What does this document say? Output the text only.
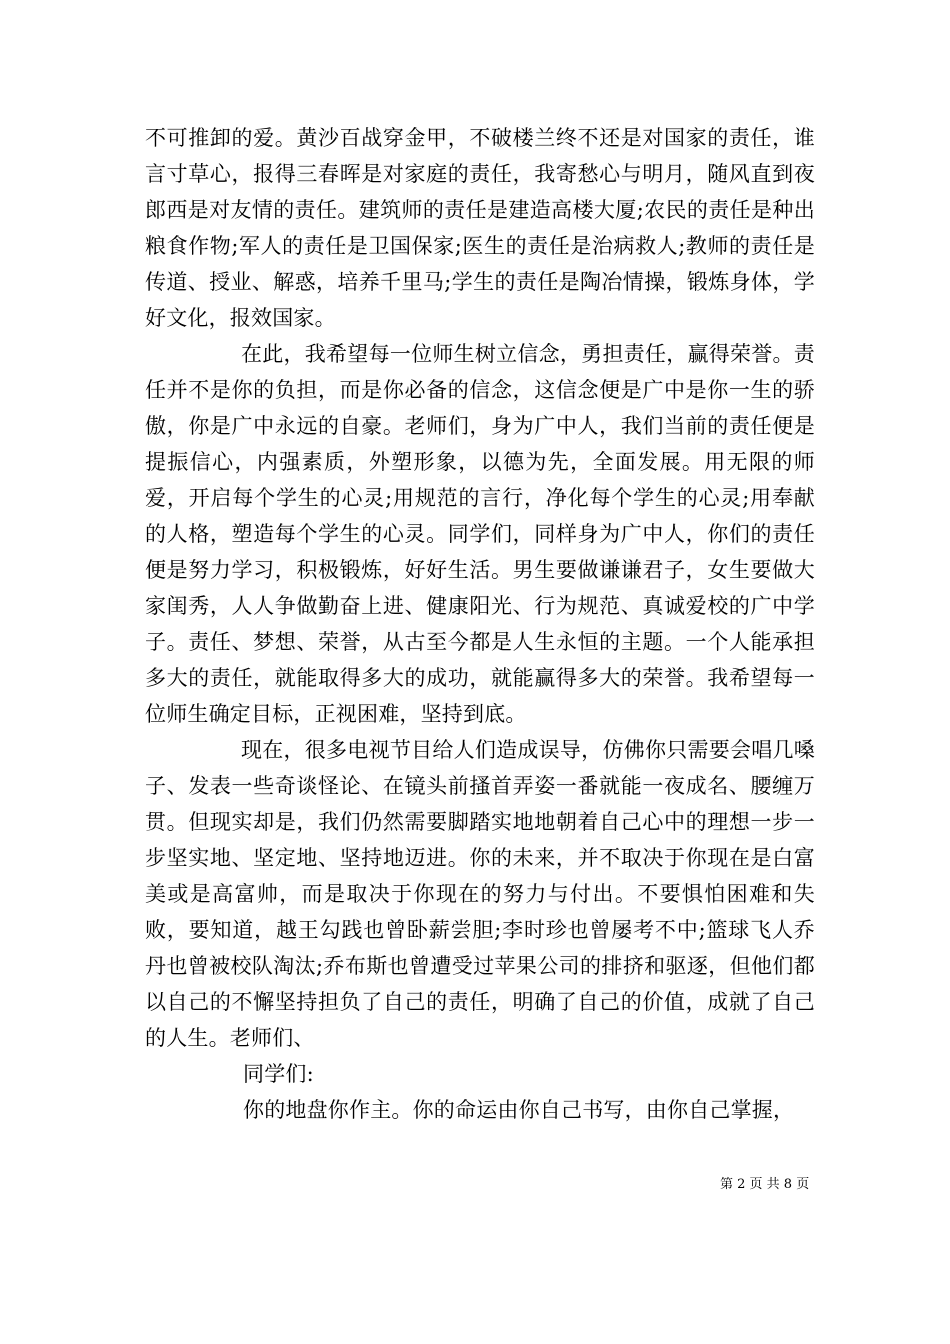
不可推卸的爱。黄沙百战穿金甲，不破楼兰终不还是对国家的责任，谁言寸草心，报得三春晖是对家庭的责任，我寄愁心与明月，随风直到夜郎西是对友情的责任。建筑师的责任是建造高楼大厦;农民的责任是种出粮食作物;军人的责任是卫国保家;医生的责任是治病救人;教师的责任是传道、授业、解惑，培养千里马;学生的责任是陶冶情操，锻炼身体，学好文化，报效国家。

在此，我希望每一位师生树立信念，勇担责任，赢得荣誉。责任并不是你的负担，而是你必备的信念，这信念便是广中是你一生的骄傲，你是广中永远的自豪。老师们，身为广中人，我们当前的责任便是提振信心，内强素质，外塑形象，以德为先，全面发展。用无限的师爱，开启每个学生的心灵;用规范的言行，净化每个学生的心灵;用奉献的人格，塑造每个学生的心灵。同学们，同样身为广中人，你们的责任便是努力学习，积极锻炼，好好生活。男生要做谦谦君子，女生要做大家闺秀，人人争做勤奋上进、健康阳光、行为规范、真诚爱校的广中学子。责任、梦想、荣誉，从古至今都是人生永恒的主题。一个人能承担多大的责任，就能取得多大的成功，就能赢得多大的荣誉。我希望每一位师生确定目标，正视困难，坚持到底。

现在，很多电视节目给人们造成误导，仿佛你只需要会唱几嗓子、发表一些奇谈怪论、在镜头前搔首弄姿一番就能一夜成名、腰缠万贯。但现实却是，我们仍然需要脚踏实地地朝着自己心中的理想一步一步坚实地、坚定地、坚持地迈进。你的未来，并不取决于你现在是白富美或是高富帅，而是取决于你现在的努力与付出。不要惧怕困难和失败，要知道，越王勾践也曾卧薪尝胆;李时珍也曾屡考不中;篮球飞人乔丹也曾被校队淘汰;乔布斯也曾遭受过苹果公司的排挤和驱逐，但他们都以自己的不懈坚持担负了自己的责任，明确了自己的价值，成就了自己的人生。老师们、

同学们:

你的地盘你作主。你的命运由你自己书写，由你自己掌握，

第 2 页 共 8 页
